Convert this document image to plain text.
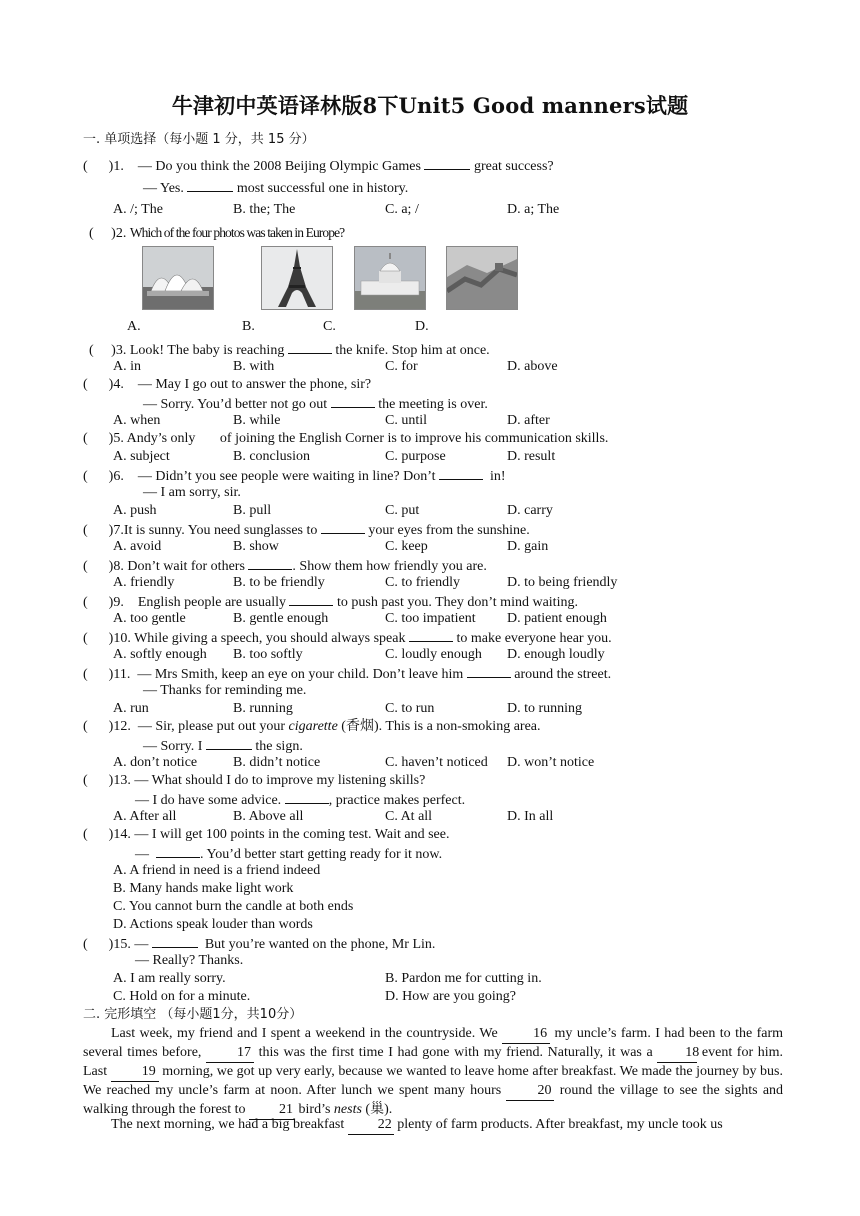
牛津初中英语译林版8下Unit5 Good manners试题
一. 单项选择（每小题 1 分，共 15 分）
( )1. — Do you think the 2008 Beijing Olympic Games	great success?
— Yes.	most successful one in history.
A. /; The	B. the; The	C. a; /	D. a; The
( )2. Which of the four photos was taken in Europe?
A.	B.	C.	D.
( )3. Look! The baby is reaching	the knife. Stop him at once.
A. in	B. with	C. for	D. above
( )4. — May I go out to answer the phone, sir?
— Sorry. You’d better not go out	the meeting is over.
A. when	B. while	C. until	D. after
( )5. Andy’s only of joining the English Corner is to improve his communication skills.
A. subject	B. conclusion	C. purpose	D. result
( )6. — Didn’t you see people were waiting in line? Don’t	in!
— I am sorry, sir.
A. push	B. pull	C. put	D. carry
( )7.It is sunny. You need sunglasses to	your eyes from the sunshine.
A. avoid	B. show	C. keep	D. gain
( )8. Don’t wait for others	. Show them how friendly you are.
A. friendly	B. to be friendly	C. to friendly	D. to being friendly
( )9. English people are usually	to push past you. They don’t mind waiting.
A. too gentle	B. gentle enough	C. too impatient D. patient enough
( )10. While giving a speech, you should always speak	to make everyone hear you.
A. softly enough B. too softly	C. loudly enough D. enough loudly
( )11. — Mrs Smith, keep an eye on your child. Don’t leave him	around the street.
— Thanks for reminding me.
A. run	B. running	C. to run	D. to running
( )12. — Sir, please put out your cigarette (香烟). This is a non-smoking area.
— Sorry. I	the sign.
A. don’t notice	B. didn’t notice	C. haven’t noticed D. won’t notice
( )13. — What should I do to improve my listening skills?
— I do have some advice.	, practice makes perfect.
A. After all	B. Above all	C. At all	D. In all
( )14. — I will get 100 points in the coming test. Wait and see.
—	. You’d better start getting ready for it now.
A. A friend in need is a friend indeed
B. Many hands make light work
C. You cannot burn the candle at both ends
D. Actions speak louder than words
( )15. —	But you’re wanted on the phone, Mr Lin.
— Really? Thanks.
A. I am really sorry.	B. Pardon me for cutting in.
C. Hold on for a minute.	D. How are you going?
二. 完形填空 （每小题1分，共10分）
Last week, my friend and I spent a weekend in the countryside. We	16 my uncle’s farm. I had been to the farm several times before,	17 this was the first time I had gone with my friend. Naturally, it was a 18 event for him. Last 19 morning, we got up very early, because we wanted to leave home after breakfast. We made the journey by bus. We reached my uncle’s farm at noon. After lunch we spent many hours	20 round the village to see the sights and walking through the forest to 21 bird’s nests (巢).
The next morning, we had a big breakfast 22 plenty of farm products. After breakfast, my uncle took us
